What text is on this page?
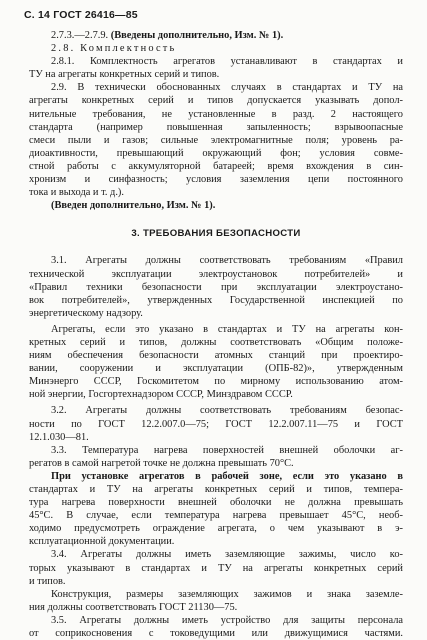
С. 14 ГОСТ 26416—85
2.7.3.—2.7.9. (Введены дополнительно, Изм. № 1).
2.8. Комплектность
2.8.1. Комплектность агрегатов устанавливают в стандартах и
ТУ на агрегаты конкретных серий и типов.
2.9. В технически обоснованных случаях в стандартах и ТУ на
агрегаты конкретных серий и типов допускается указывать допол-
нительные требования, не установленные в разд. 2 настоящего
стандарта (например повышенная запыленность; взрывоопасные
смеси пыли и газов; сильные электромагнитные поля; уровень ра-
диоактивности, превышающий окружающий фон; условия совме-
стной работы с аккумуляторной батареей; время вхождения в син-
хронизм и синфазность; условия заземления цепи постоянного
тока и выхода и т. д.).
(Введен дополнительно, Изм. № 1).
3. ТРЕБОВАНИЯ БЕЗОПАСНОСТИ
3.1. Агрегаты должны соответствовать требованиям «Правил
технической эксплуатации электроустановок потребителей» и
«Правил техники безопасности при эксплуатации электроустано-
вок потребителей», утвержденных Государственной инспекцией по
энергетическому надзору.
Агрегаты, если это указано в стандартах и ТУ на агрегаты кон-
кретных серий и типов, должны соответствовать «Общим положе-
ниям обеспечения безопасности атомных станций при проектиро-
вании, сооружении и эксплуатации (ОПБ-82)», утвержденным
Минэнерго СССР, Госкомитетом по мирному использованию атом-
ной энергии, Госгортехнадзором СССР, Минздравом СССР.
3.2. Агрегаты должны соответствовать требованиям безопас-
ности по ГОСТ 12.2.007.0—75; ГОСТ 12.2.007.11—75 и ГОСТ
12.1.030—81.
3.3. Температура нагрева поверхностей внешней оболочки аг-
регатов в самой нагретой точке не должна превышать 70°С.
При установке агрегатов в рабочей зоне, если это указано в
стандартах и ТУ на агрегаты конкретных серий и типов, темпера-
тура нагрева поверхности внешней оболочки не должна превышать
45°С. В случае, если температура нагрева превышает 45°С, необ-
ходимо предусмотреть ограждение агрегата, о чем указывают в э-
ксплуатационной документации.
3.4. Агрегаты должны иметь заземляющие зажимы, число ко-
торых указывают в стандартах и ТУ на агрегаты конкретных серий
и типов.
Конструкция, размеры заземляющих зажимов и знака заземле-
ния должны соответствовать ГОСТ 21130—75.
3.5. Агрегаты должны иметь устройство для защиты персонала
от соприкосновения с токоведущими или движущимися частями.
